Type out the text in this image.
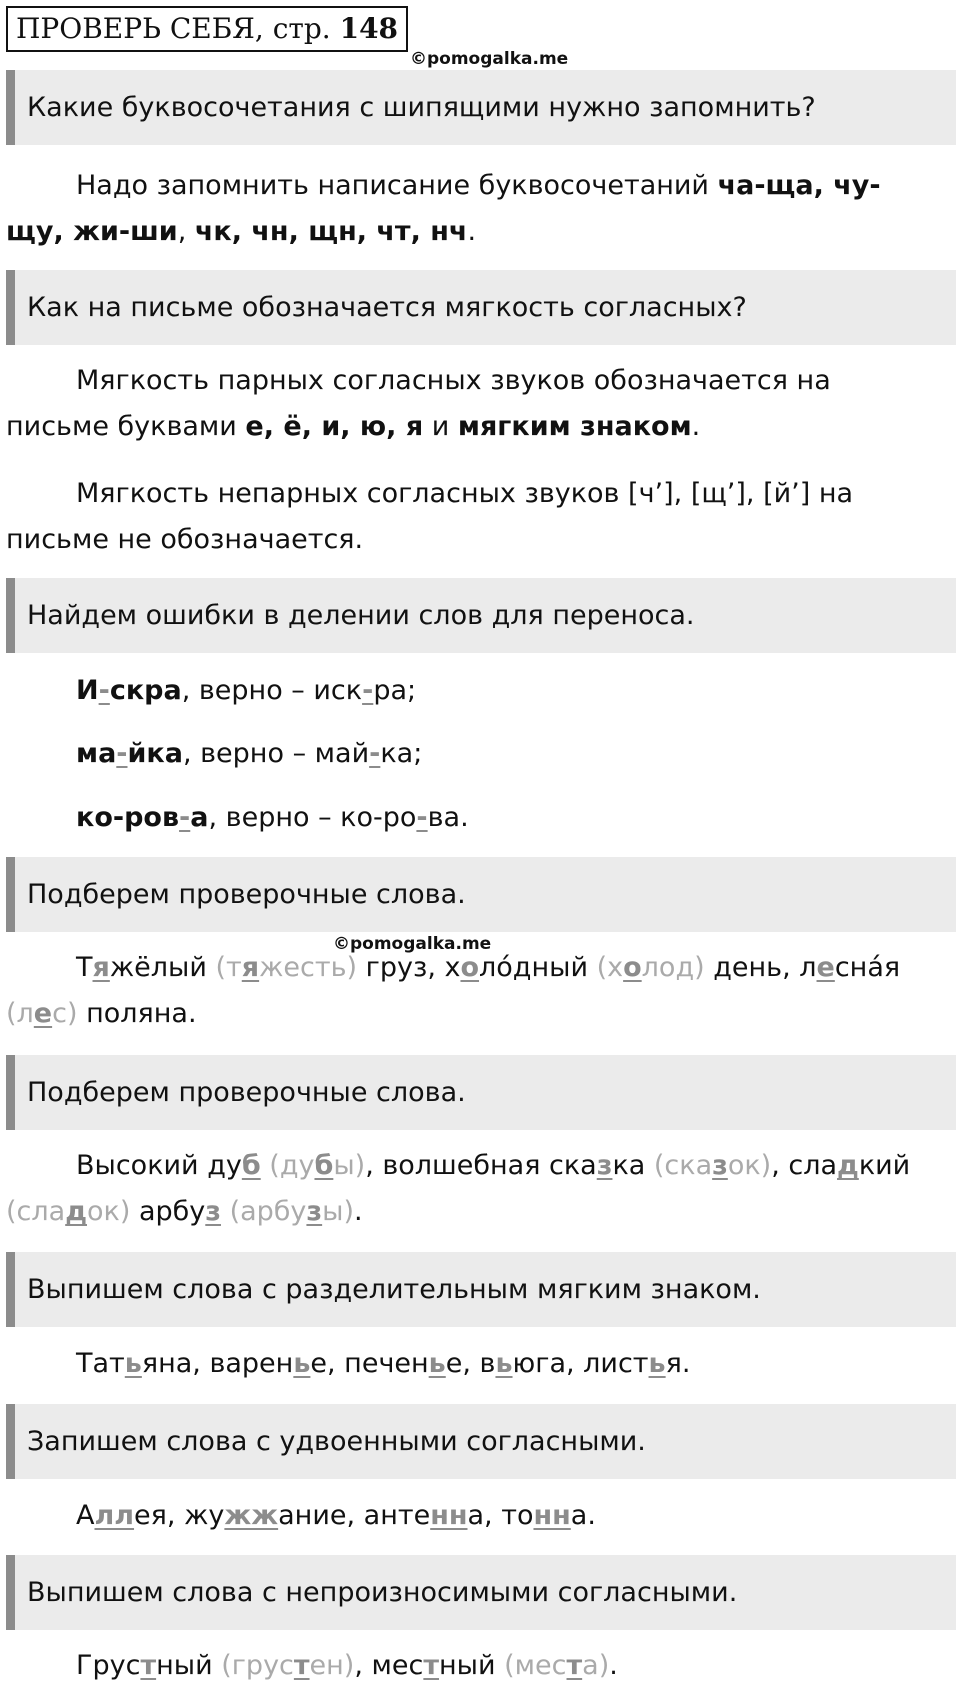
ПРОВЕРЬ СЕБЯ, стр. 148
©pomogalka.me
Какие буквосочетания с шипящими нужно запомнить?
Надо запомнить написание буквосочетаний ча-ща, чу-
щу, жи-ши, чк, чн, щн, чт, нч.
Как на письме обозначается мягкость согласных?
Мягкость парных согласных звуков обозначается на
письме буквами е, ё, и, ю, я и мягким знаком.
Мягкость непарных согласных звуков [ч’], [щ’], [й’] на
письме не обозначается.
Найдем ошибки в делении слов для переноса.
И-скра, верно – иск-ра;
ма-йка, верно – май-ка;
ко-ров-а, верно – ко-ро-ва.
Подберем проверочные слова.
©pomogalka.me
Тяжёлый (тяжесть) груз, холо́дный (холод) день, лесна́я
(лес) поляна.
Подберем проверочные слова.
Высокий дуб (дубы), волшебная сказка (сказок), сладкий
(сладок) арбуз (арбузы).
Выпишем слова с разделительным мягким знаком.
Татьяна, варенье, печенье, вьюга, листья.
Запишем слова с удвоенными согласными.
Аллея, жужжание, антенна, тонна.
Выпишем слова с непроизносимыми согласными.
Грустный (грустен), местный (места).
